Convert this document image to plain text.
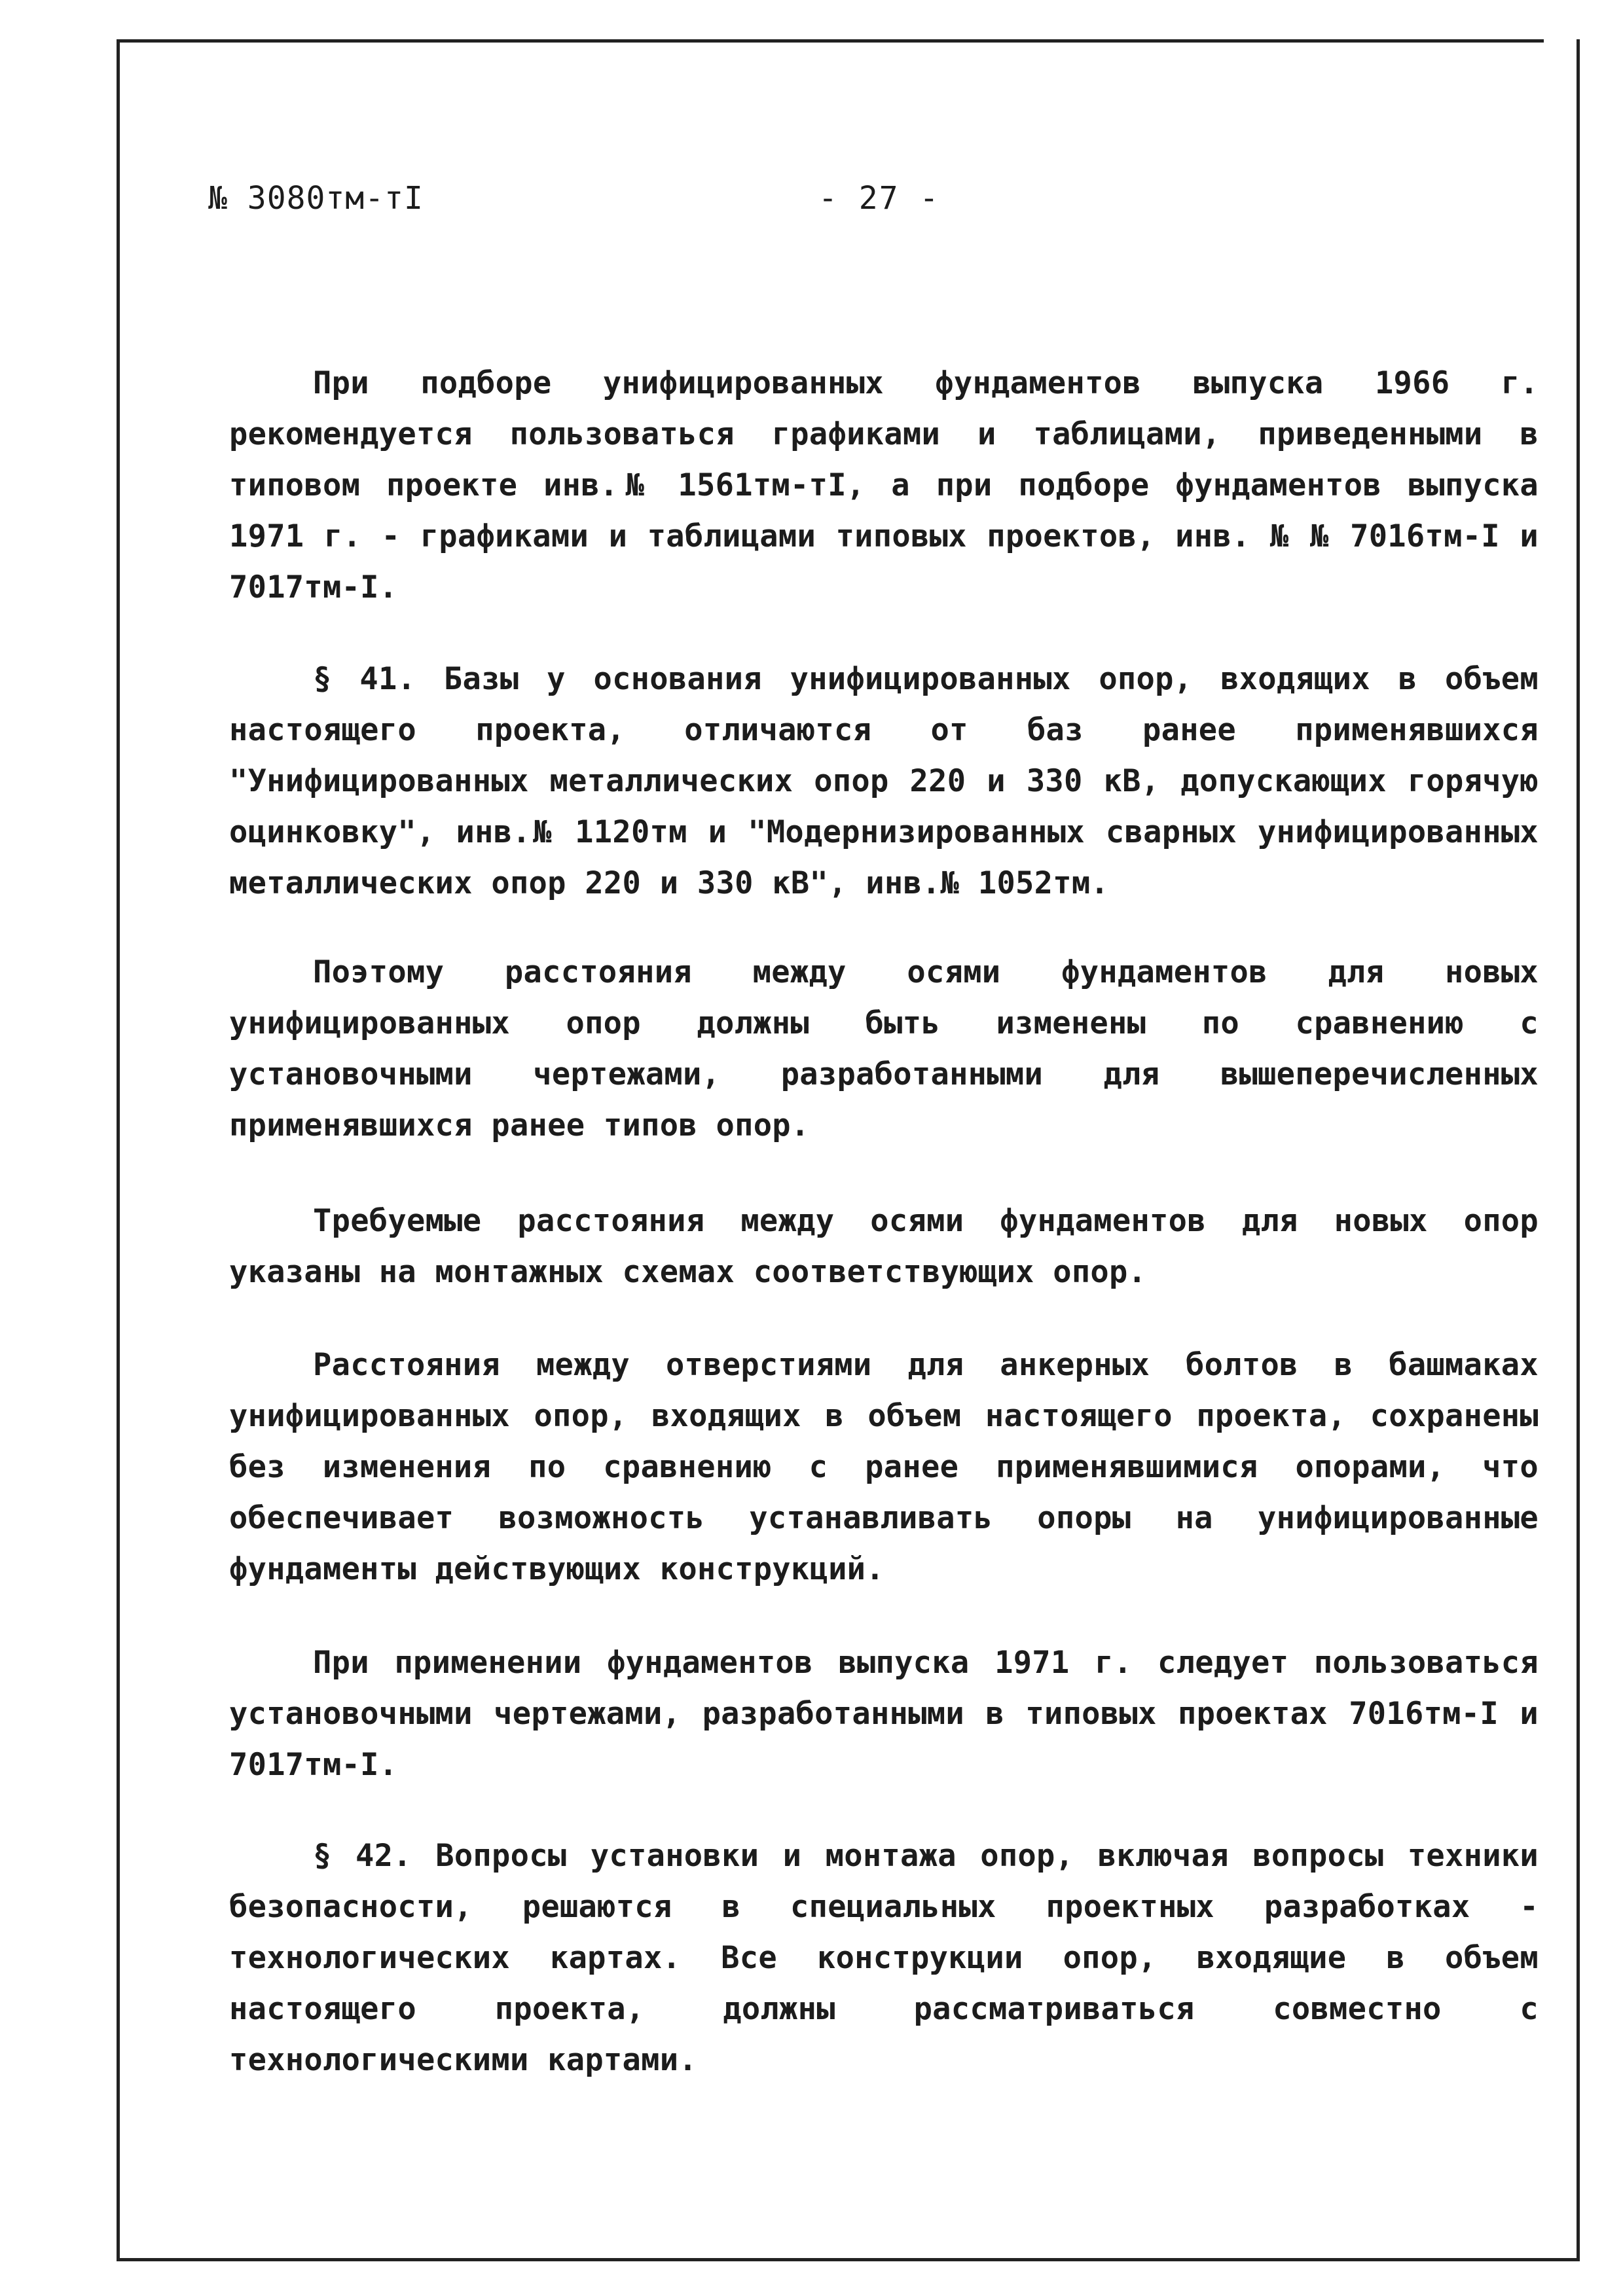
№ 3080тм-тI	- 27 -

При подборе унифицированных фундаментов выпуска 1966 г. рекомендуется пользоваться графиками и таблицами, приведенными в типовом проекте инв.№ 1561тм-тI, а при подборе фундаментов выпуска 1971 г. - графиками и таблицами типовых проектов, инв. № № 7016тм-I и 7017тм-I.

§ 41. Базы у основания унифицированных опор, входящих в объем настоящего проекта, отличаются от баз ранее применявшихся "Унифицированных металлических опор 220 и 330 кВ, допускающих горячую оцинковку", инв.№ 1120тм и "Модернизированных сварных унифицированных металлических опор 220 и 330 кВ", инв.№ 1052тм.

Поэтому расстояния между осями фундаментов для новых унифицированных опор должны быть изменены по сравнению с установочными чертежами, разработанными для вышеперечисленных применявшихся ранее типов опор.

Требуемые расстояния между осями фундаментов для новых опор указаны на монтажных схемах соответствующих опор.

Расстояния между отверстиями для анкерных болтов в башмаках унифицированных опор, входящих в объем настоящего проекта, сохранены без изменения по сравнению с ранее применявшимися опорами, что обеспечивает возможность устанавливать опоры на унифицированные фундаменты действующих конструкций.

При применении фундаментов выпуска 1971 г. следует пользоваться установочными чертежами, разработанными в типовых проектах 7016тм-I и 7017тм-I.

§ 42. Вопросы установки и монтажа опор, включая вопросы техники безопасности, решаются в специальных проектных разработках - технологических картах. Все конструкции опор, входящие в объем настоящего проекта, должны рассматриваться совместно с технологическими картами.
